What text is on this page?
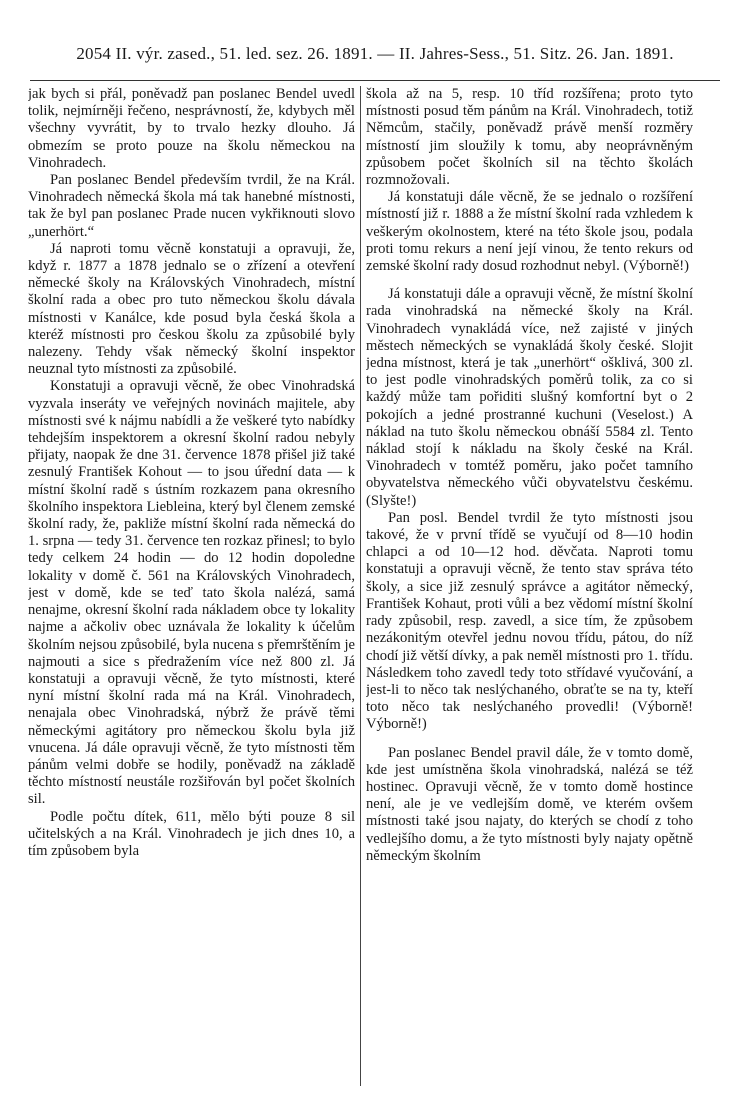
2054 II. výr. zased., 51. led. sez. 26. 1891. — II. Jahres-Sess., 51. Sitz. 26. Jan. 1891.

jak bych si přál, poněvadž pan poslanec Bendel uvedl tolik, nejmírněji řečeno, nesprávností, že, kdybych měl všechny vyvrátit, by to trvalo hezky dlouho. Já obmezím se proto pouze na školu německou na Vinohradech.

Pan poslanec Bendel především tvrdil, že na Král. Vinohradech německá škola má tak hanebné místnosti, tak že byl pan poslanec Prade nucen vykřiknouti slovo „unerhört.“

Já naproti tomu věcně konstatuji a opravuji, že, když r. 1877 a 1878 jednalo se o zřízení a otevření německé školy na Královských Vinohradech, místní školní rada a obec pro tuto německou školu dávala místnosti v Kanálce, kde posud byla česká škola a kteréž místnosti pro českou školu za způsobilé byly nalezeny. Tehdy však německý školní inspektor neuznal tyto místnosti za způsobilé.

Konstatuji a opravuji věcně, že obec Vinohradská vyzvala inseráty ve veřejných novinách majitele, aby místnosti své k nájmu nabídli a že veškeré tyto nabídky tehdejším inspektorem a okresní školní radou nebyly přijaty, naopak že dne 31. července 1878 přišel již také zesnulý František Kohout — to jsou úřední data — k místní školní radě s ústním rozkazem pana okresního školního inspektora Liebleina, který byl členem zemské školní rady, že, pakliže místní školní rada německá do 1. srpna — tedy 31. července ten rozkaz přinesl; to bylo tedy celkem 24 hodin — do 12 hodin dopoledne lokality v domě č. 561 na Královských Vinohradech, jest v domě, kde se teď tato škola nalézá, samá nenajme, okresní školní rada nákladem obce ty lokality najme a ačkoliv obec uznávala že lokality k účelům školním nejsou způsobilé, byla nucena s přemrštěním je najmouti a sice s předražením více než 800 zl. Já konstatuji a opravuji věcně, že tyto místnosti, které nyní místní školní rada má na Král. Vinohradech, nenajala obec Vinohradská, nýbrž že právě těmi německými agitátory pro německou školu byla již vnucena. Já dále opravuji věcně, že tyto místnosti těm pánům velmi dobře se hodily, poněvadž na základě těchto místností neustále rozšiřován byl počet školních sil.

Podle počtu dítek, 611, mělo býti pouze 8 sil učitelských a na Král. Vinohradech je jich dnes 10, a tím způsobem byla

škola až na 5, resp. 10 tříd rozšířena; proto tyto místnosti posud těm pánům na Král. Vinohradech, totiž Němcům, stačily, poněvadž právě menší rozměry místností jim sloužily k tomu, aby neoprávněným způsobem počet školních sil na těchto školách rozmnožovali.

Já konstatuji dále věcně, že se jednalo o rozšíření místností již r. 1888 a že místní školní rada vzhledem k veškerým okolnostem, které na této škole jsou, podala proti tomu rekurs a není její vinou, že tento rekurs od zemské školní rady dosud rozhodnut nebyl. (Výborně!)

Já konstatuji dále a opravuji věcně, že místní školní rada vinohradská na německé školy na Král. Vinohradech vynakládá více, než zajisté v jiných městech německých se vynakládá školy české. Slojit jedna místnost, která je tak „unerhört“ ošklivá, 300 zl. to jest podle vinohradských poměrů tolik, za co si každý může tam pořiditi slušný komfortní byt o 2 pokojích a jedné prostranné kuchuni (Veselost.) A náklad na tuto školu německou obnáší 5584 zl. Tento náklad stojí k nákladu na školy české na Král. Vinohradech v tomtéž poměru, jako počet tamního obyvatelstva německého vůči obyvatelstvu českému. (Slyšte!)

Pan posl. Bendel tvrdil že tyto místnosti jsou takové, že v první třídě se vyučují od 8—10 hodin chlapci a od 10—12 hod. děvčata. Naproti tomu konstatuji a opravuji věcně, že tento stav správa této školy, a sice již zesnulý správce a agitátor německý, František Kohaut, proti vůli a bez vědomí místní školní rady způsobil, resp. zavedl, a sice tím, že způsobem nezákonitým otevřel jednu novou třídu, pátou, do níž chodí již větší dívky, a pak neměl místnosti pro 1. třídu. Následkem toho zavedl tedy toto střídavé vyučování, a jest-li to něco tak neslýchaného, obraťte se na ty, kteří toto něco tak neslýchaného provedli! (Výborně! Výborně!)

Pan poslanec Bendel pravil dále, že v tomto domě, kde jest umístněna škola vinohradská, nalézá se též hostinec. Opravuji věcně, že v tomto domě hostince není, ale je ve vedlejším domě, ve kterém ovšem místnosti také jsou najaty, do kterých se chodí z toho vedlejšího domu, a že tyto místnosti byly najaty opětně německým školním
